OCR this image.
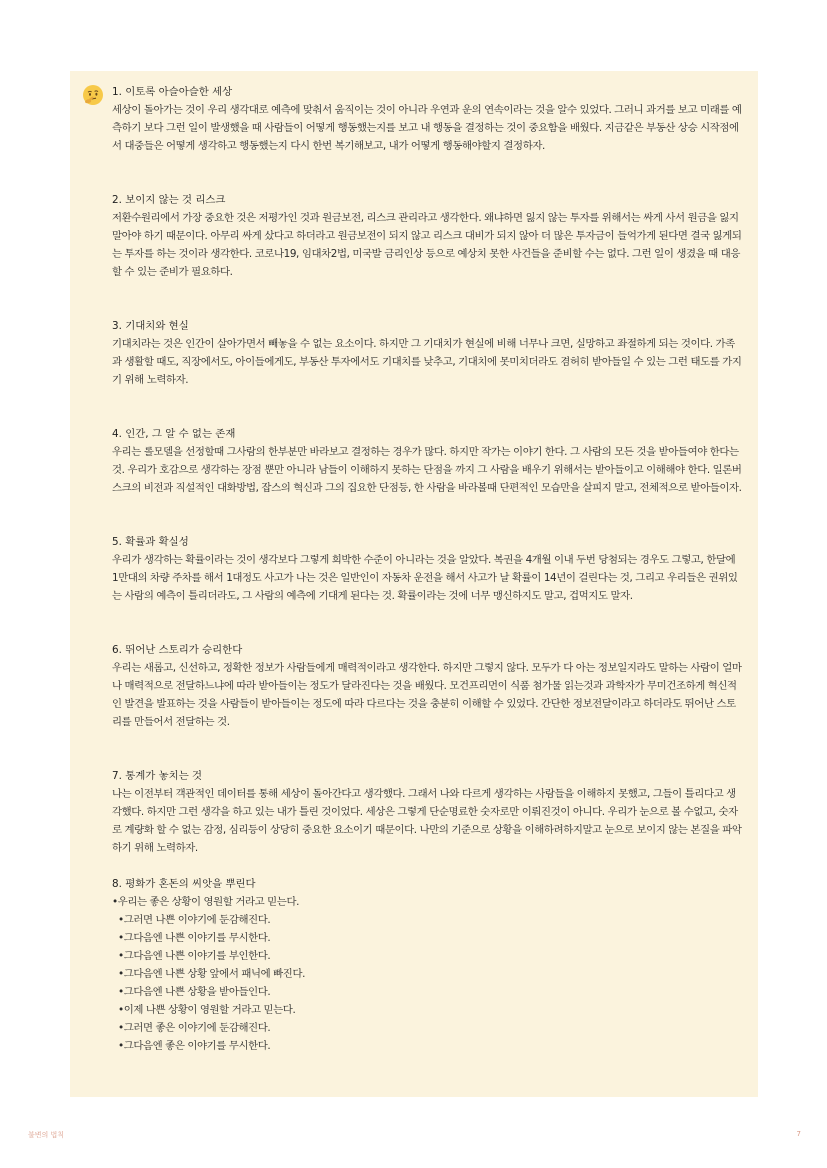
1. 이토록 아슬아슬한 세상

세상이 돌아가는 것이 우리 생각대로 예측에 맞춰서 움직이는 것이 아니라 우연과 운의 연속이라는 것을 알수 있었다. 그러니 과거를 보고 미래를 예측하기 보다 그런 일이 발생했을 때 사람들이 어떻게 행동했는지를 보고 내 행동을 결정하는 것이 중요함을 배웠다. 지금같은 부동산 상승 시작점에서 대중들은 어떻게 생각하고 행동했는지 다시 한번 복기해보고, 내가 어떻게 행동해야할지 결정하자.

2. 보이지 않는 것 리스크

저환수원리에서 가장 중요한 것은 저평가인 것과 원금보전, 리스크 관리라고 생각한다. 왜냐하면 잃지 않는 투자를 위해서는 싸게 사서 원금을 잃지 말아야 하기 때문이다. 아무리 싸게 샀다고 하더라고 원금보전이 되지 않고 리스크 대비가 되지 않아 더 많은 투자금이 들억가게 된다면 결국 잃게되는 투자를 하는 것이라 생각한다. 코로나19, 임대차2법, 미국발 금리인상 등으로 예상치 못한 사건들을 준비할 수는 없다. 그런 일이 생겼을 때 대응할 수 있는 준비가 필요하다.

3. 기대치와 현실

기대치라는 것은 인간이 살아가면서 빼놓을 수 없는 요소이다. 하지만 그 기대치가 현실에 비해 너무나 크면, 실망하고 좌절하게 되는 것이다. 가족과 생활할 때도, 직장에서도, 아이들에게도, 부동산 투자에서도 기대치를 낮추고, 기대치에 못미치더라도 겸허히 받아들일 수 있는 그런 태도를 가지기 위해 노력하자.

4. 인간, 그 알 수 없는 존재

우리는 롤모델을 선정할때 그사람의 한부분만 바라보고 결정하는 경우가 많다. 하지만 작가는 이야기 한다. 그 사람의 모든 것을 받아들여야 한다는 것. 우리가 호감으로 생각하는 장점 뿐만 아니라 남들이 이해하지 못하는 단점을 까지 그 사람을 배우기 위해서는 받아들이고 이해해야 한다. 일론버스크의 비전과 직설적인 대화방법, 잡스의 혁신과 그의 집요한 단점등, 한 사람을 바라볼때 단편적인 모습만을 살피지 말고, 전체적으로 받아들이자.

5. 확률과 확실성

우리가 생각하는 확률이라는 것이 생각보다 그렇게 희박한 수준이 아니라는 것을 알았다. 복권을 4개월 이내 두번 당첨되는 경우도 그렇고, 한달에 1만대의 차량 주차를 해서 1대정도 사고가 나는 것은 일반인이 자동차 운전을 해서 사고가 날 확률이 14년이 걸린다는 것, 그리고 우리들은 권위있는 사람의 예측이 틀리더라도, 그 사람의 예측에 기대게 된다는 것. 확률이라는 것에 너무 맹신하지도 말고, 겁먹지도 말자.

6. 뛰어난 스토리가 승리한다

우리는 새롭고, 신선하고, 정확한 정보가 사람들에게 매력적이라고 생각한다. 하지만 그렇지 않다. 모두가 다 아는 정보일지라도 말하는 사람이 얼마나 매력적으로 전달하느냐에 따라 받아들이는 정도가 달라진다는 것을 배웠다. 모건프리먼이 식품 첨가물 읽는것과 과학자가 무미건조하게 혁신적인 발견을 발표하는 것을 사람들이 받아들이는 정도에 따라 다르다는 것을 충분히 이해할 수 있었다. 간단한 정보전달이라고 하더라도 뛰어난 스토리를 만들어서 전달하는 것.

7. 통계가 놓치는 것

나는 이전부터 객관적인 데이터를 통해 세상이 돌아간다고 생각했다. 그래서 나와 다르게 생각하는 사람들을 이해하지 못했고, 그들이 틀리다고 생각했다. 하지만 그런 생각을 하고 있는 내가 틀린 것이었다. 세상은 그렇게 단순명료한 숫자로만 이뤄진것이 아니다. 우리가 눈으로 볼 수없고, 숫자로 계량화 할 수 없는 감정, 심리등이 상당히 중요한 요소이기 때문이다. 나만의 기준으로 상황을 이해하려하지말고 눈으로 보이지 않는 본질을 파악하기 위해 노력하자.

8. 평화가 혼돈의 씨앗을 뿌린다
• 우리는 좋은 상황이 영원할 거라고 믿는다.
• 그러면 나쁜 이야기에 둔감해진다.
• 그다음엔 나쁜 이야기를 무시한다.
• 그다음엔 나쁜 이야기를 부인한다.
• 그다음엔 나쁜 상황 앞에서 패닉에 빠진다.
• 그다음엔 나쁜 상황을 받아들인다.
• 이제 나쁜 상황이 영원할 거라고 믿는다.
• 그러면 좋은 이야기에 둔감해진다.
• 그다음엔 좋은 이야기를 무시한다.
불변의 법칙	7
